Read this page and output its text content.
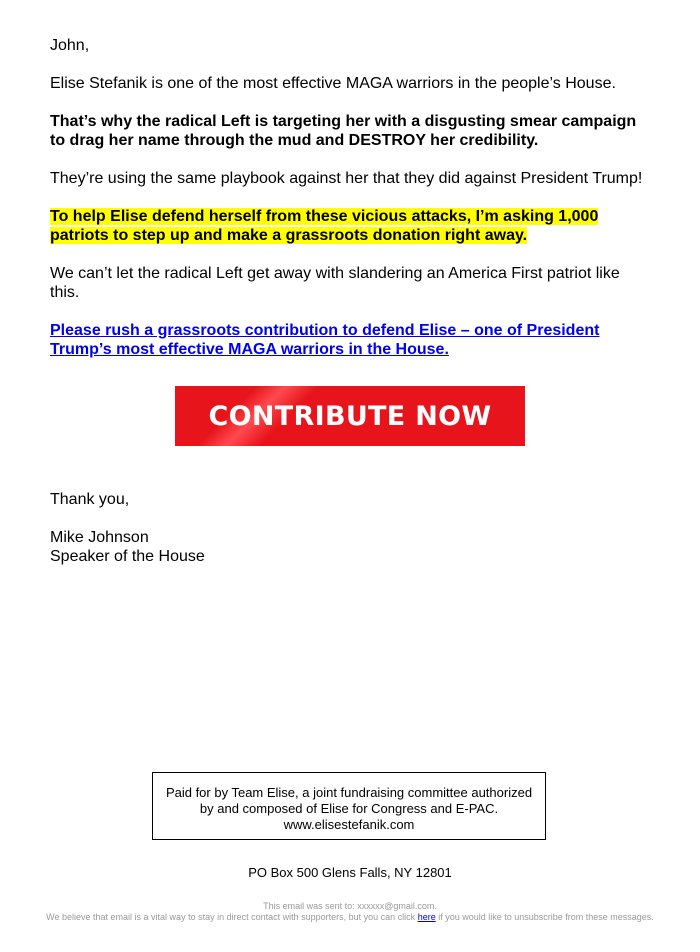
John,

Elise Stefanik is one of the most effective MAGA warriors in the people’s House.

That’s why the radical Left is targeting her with a disgusting smear campaign to drag her name through the mud and DESTROY her credibility.

They’re using the same playbook against her that they did against President Trump!

To help Elise defend herself from these vicious attacks, I’m asking 1,000
patriots to step up and make a grassroots donation right away.

We can’t let the radical Left get away with slandering an America First patriot like this.

Please rush a grassroots contribution to defend Elise – one of President Trump’s most effective MAGA warriors in the House.

CONTRIBUTE NOW

Thank you,

Mike Johnson

Speaker of the House

Paid for by Team Elise, a joint fundraising committee authorized by and composed of Elise for Congress and E-PAC. www.elisestefanik.com
PO Box 500 Glens Falls, NY 12801
This email was sent to: xxxxxx@gmail.com.
We believe that email is a vital way to stay in direct contact with supporters, but you can click here if you would like to unsubscribe from these messages.
